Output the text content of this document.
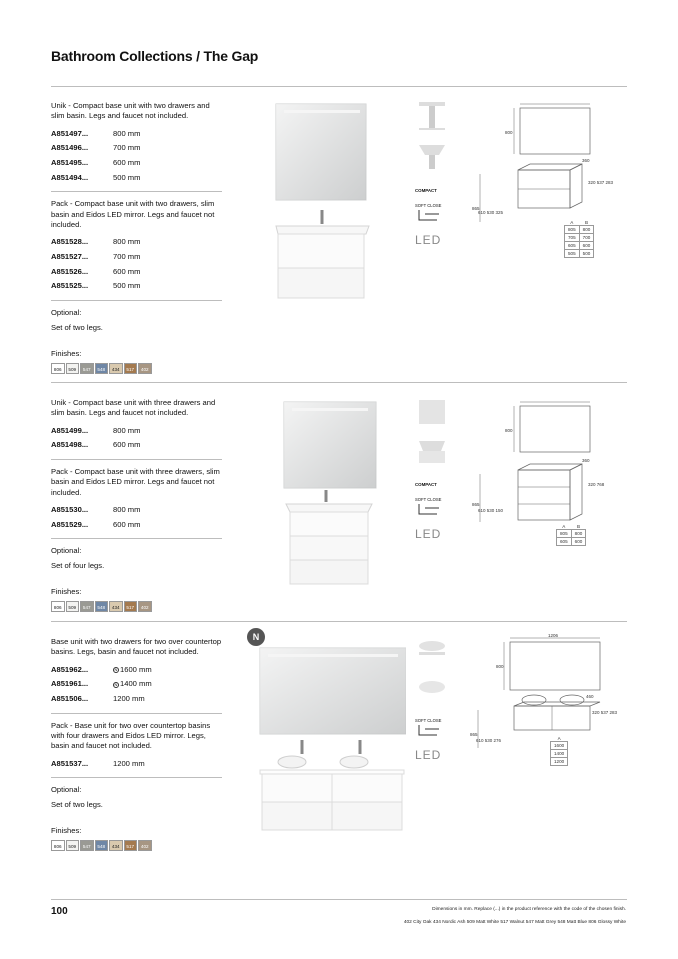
Bathroom Collections / The Gap
Unik - Compact base unit with two drawers and slim basin. Legs and faucet not included.
A851497...	800 mm
A851496...	700 mm
A851495...	600 mm
A851494...	500 mm
Pack - Compact base unit with two drawers, slim basin and Eidos LED mirror. Legs and faucet not included.
A851528...	800 mm
A851527...	700 mm
A851526...	600 mm
A851525...	500 mm
Optional:
Set of two legs.
Finishes:
806	509	547	548	434	517	402

COMPACT
SOFT CLOSE
LED
800
865
610 530 325
360
320 537 283
A	B
805	800
705	700
605	600
505	500
Unik - Compact base unit with three drawers and slim basin. Legs and faucet not included.
A851499...	800 mm
A851498...	600 mm
Pack - Compact base unit with three drawers, slim basin and Eidos LED mirror. Legs and faucet not included.
A851530...	800 mm
A851529...	600 mm
Optional:
Set of four legs.
Finishes:
806	509	547	548	434	517	402

COMPACT
SOFT CLOSE
LED
800
865
610 530 150
360
320 768
A	B
805	800
605	600
N
Base unit with two drawers for two over countertop basins. Legs, basin and faucet not included.
A851962...	N 1600 mm
A851961...	N 1400 mm
A851506...	1200 mm
Pack - Base unit for two over countertop basins with four drawers and Eidos LED mirror. Legs, basin and faucet not included.
A851537...	1200 mm
Optional:
Set of two legs.
Finishes:
806	509	547	548	434	517	402

SOFT CLOSE
LED
1206
800
865
610 530 276
460
320 537 283
A
1600
1400
1200
100	Dimensions in mm. Replace (...) in the product reference with the code of the chosen finish.
402 City Oak 434 Nordic Ash 509 Matt White 517 Walnut 547 Matt Grey 548 Matt Blue 806 Glossy White
